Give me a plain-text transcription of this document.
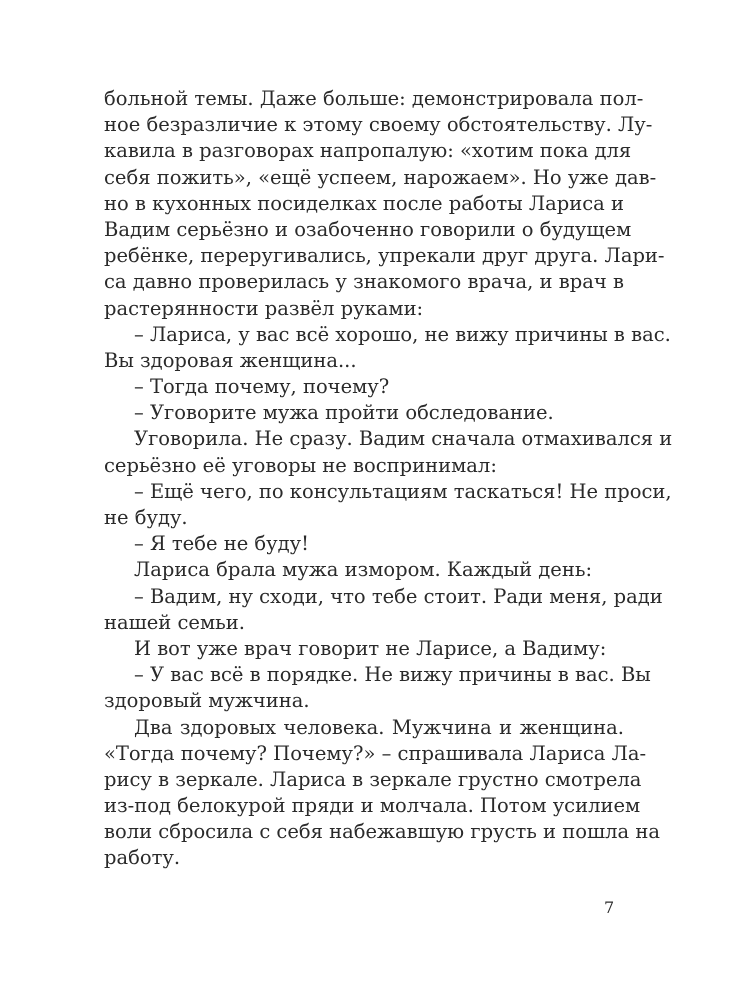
больной темы. Даже больше: демонстрировала пол-
ное безразличие к этому своему обстоятельству. Лу-
кавила в разговорах напропалую: «хотим пока для
себя пожить», «ещё успеем, нарожаем». Но уже дав-
но в кухонных посиделках после работы Лариса и
Вадим серьёзно и озабоченно говорили о будущем
ребёнке, переругивались, упрекали друг друга. Лари-
са давно проверилась у знакомого врача, и врач в
растерянности развёл руками:
– Лариса, у вас всё хорошо, не вижу причины в вас.
Вы здоровая женщина...
– Тогда почему, почему?
– Уговорите мужа пройти обследование.
Уговорила. Не сразу. Вадим сначала отмахивался и
серьёзно её уговоры не воспринимал:
– Ещё чего, по консультациям таскаться! Не проси,
не буду.
– Я тебе не буду!
Лариса брала мужа измором. Каждый день:
– Вадим, ну сходи, что тебе стоит. Ради меня, ради
нашей семьи.
И вот уже врач говорит не Ларисе, а Вадиму:
– У вас всё в порядке. Не вижу причины в вас. Вы
здоровый мужчина.
Два здоровых человека. Мужчина и женщина.
«Тогда почему? Почему?» – спрашивала Лариса Ла-
рису в зеркале. Лариса в зеркале грустно смотрела
из-под белокурой пряди и молчала. Потом усилием
воли сбросила с себя набежавшую грусть и пошла на
работу.
7
